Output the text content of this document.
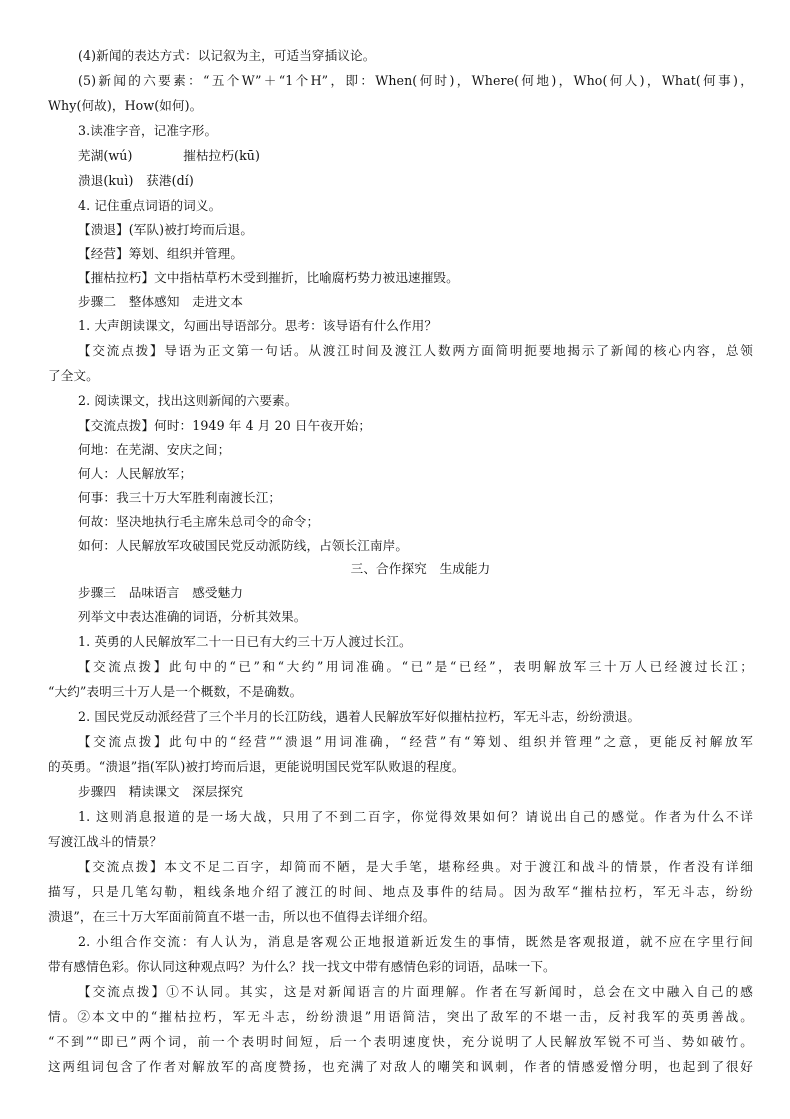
(4)新闻的表达方式：以记叙为主，可适当穿插议论。
(5)新闻的六要素：“五个W”＋“1个H”，即：When(何时)，Where(何地)，Who(何人)，What(何事)，
Why(何故)，How(如何)。
3.读准字音，记准字形。
芜湖(wú)　　　　摧枯拉朽(kū)
溃退(kuì)　获港(dí)
4. 记住重点词语的词义。
【溃退】(军队)被打垮而后退。
【经营】筹划、组织并管理。
【摧枯拉朽】文中指枯草朽木受到摧折，比喻腐朽势力被迅速摧毁。
步骤二　整体感知　走进文本
1. 大声朗读课文，勾画出导语部分。思考：该导语有什么作用？
【交流点拨】导语为正文第一句话。从渡江时间及渡江人数两方面简明扼要地揭示了新闻的核心内容，总领
了全文。
2. 阅读课文，找出这则新闻的六要素。
【交流点拨】何时：1949 年 4 月 20 日午夜开始；
何地：在芜湖、安庆之间；
何人：人民解放军；
何事：我三十万大军胜利南渡长江；
何故：坚决地执行毛主席朱总司令的命令；
如何：人民解放军攻破国民党反动派防线，占领长江南岸。
三、合作探究　生成能力
步骤三　品味语言　感受魅力
列举文中表达准确的词语，分析其效果。
1. 英勇的人民解放军二十一日已有大约三十万人渡过长江。
【交流点拨】此句中的“已”和“大约”用词准确。“已”是“已经”，表明解放军三十万人已经渡过长江；
“大约”表明三十万人是一个概数，不是确数。
2. 国民党反动派经营了三个半月的长江防线，遇着人民解放军好似摧枯拉朽，军无斗志，纷纷溃退。
【交流点拨】此句中的“经营”“溃退”用词准确，“经营”有“筹划、组织并管理”之意，更能反衬解放军
的英勇。“溃退”指(军队)被打垮而后退，更能说明国民党军队败退的程度。
步骤四　精读课文　深层探究
1. 这则消息报道的是一场大战，只用了不到二百字，你觉得效果如何？请说出自己的感觉。作者为什么不详
写渡江战斗的情景？
【交流点拨】本文不足二百字，却简而不陋，是大手笔，堪称经典。对于渡江和战斗的情景，作者没有详细
描写，只是几笔勾勒，粗线条地介绍了渡江的时间、地点及事件的结局。因为敌军“摧枯拉朽，军无斗志，纷纷
溃退”，在三十万大军面前简直不堪一击，所以也不值得去详细介绍。
2. 小组合作交流：有人认为，消息是客观公正地报道新近发生的事情，既然是客观报道，就不应在字里行间
带有感情色彩。你认同这种观点吗？为什么？找一找文中带有感情色彩的词语，品味一下。
【交流点拨】①不认同。其实，这是对新闻语言的片面理解。作者在写新闻时，总会在文中融入自己的感
情。②本文中的“摧枯拉朽，军无斗志，纷纷溃退”用语简洁，突出了敌军的不堪一击，反衬我军的英勇善战。
“不到”“即已”两个词，前一个表明时间短，后一个表明速度快，充分说明了人民解放军锐不可当、势如破竹。
这两组词包含了作者对解放军的高度赞扬，也充满了对敌人的嘲笑和讽刺，作者的情感爱憎分明，也起到了很好
